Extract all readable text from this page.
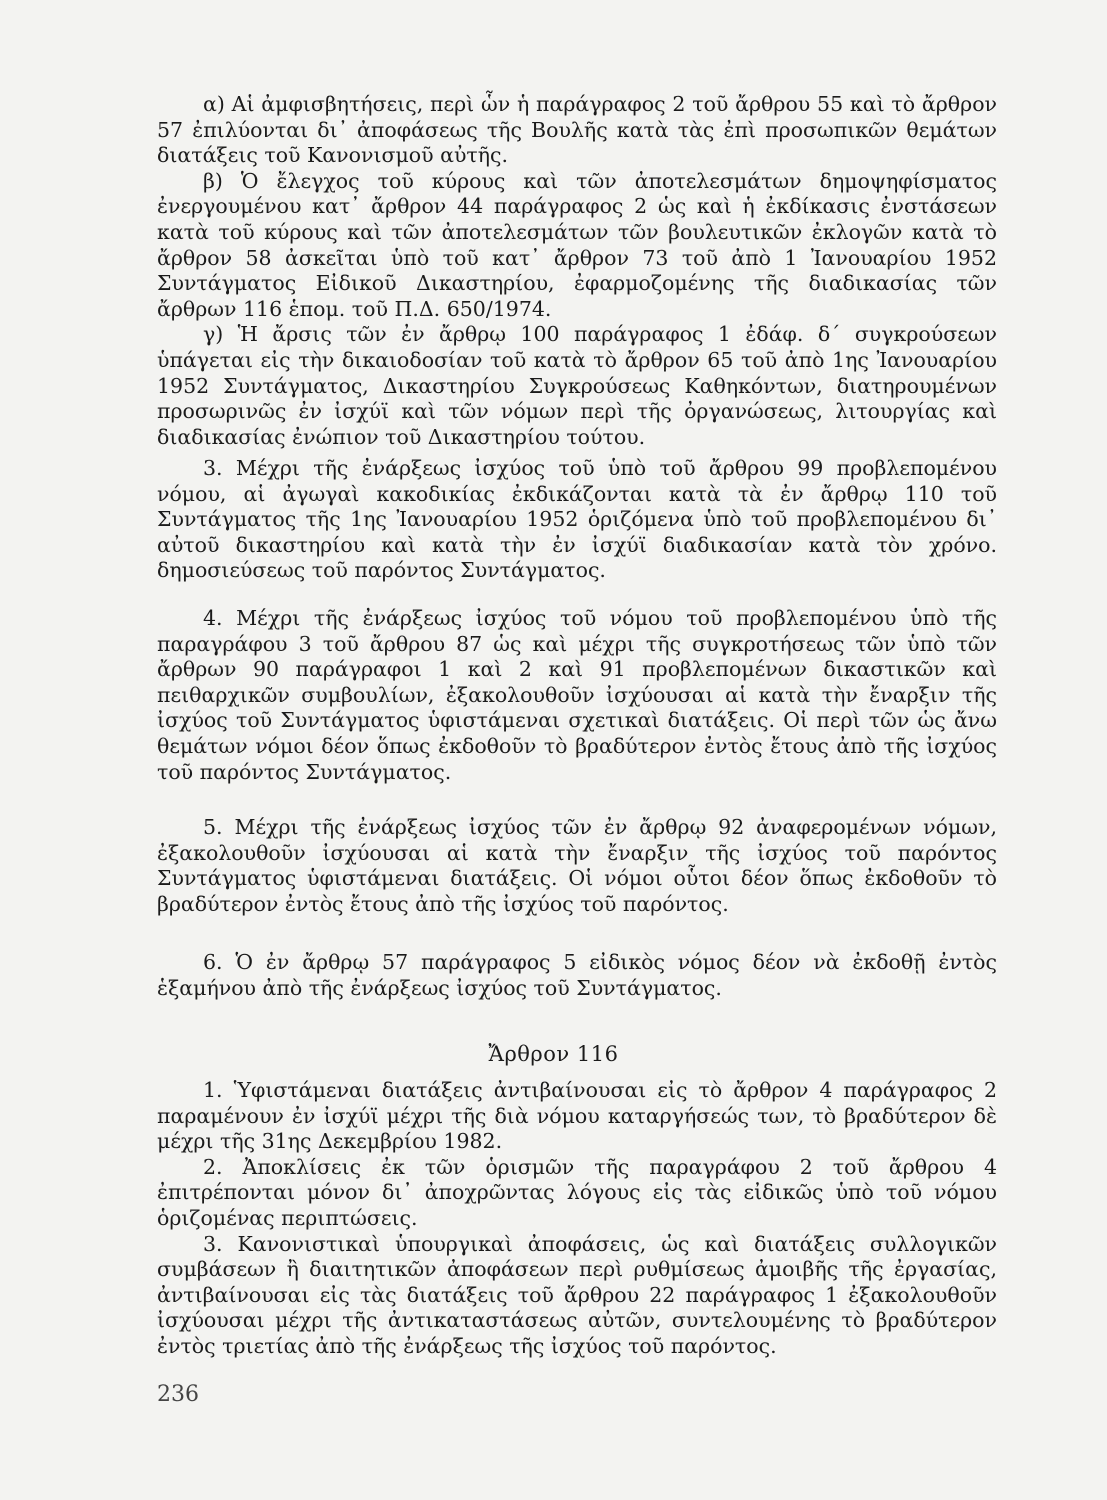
α) Αἱ ἀμφισβητήσεις, περὶ ὧν ἡ παράγραφος 2 τοῦ ἄρθρου 55 καὶ τὸ ἄρθρον 57 ἐπιλύονται δι᾽ ἀποφάσεως τῆς Βουλῆς κατὰ τὰς ἐπὶ προσωπικῶν θεμάτων διατάξεις τοῦ Κανονισμοῦ αὐτῆς.

β) Ὁ ἔλεγχος τοῦ κύρους καὶ τῶν ἀποτελεσμάτων δημοψηφίσματος ἐνεργουμένου κατ᾽ ἄρθρον 44 παράγραφος 2 ὡς καὶ ἡ ἐκδίκασις ἐνστάσεων κατὰ τοῦ κύρους καὶ τῶν ἀποτελεσμάτων τῶν βουλευτικῶν ἐκλογῶν κατὰ τὸ ἄρθρον 58 ἀσκεῖται ὑπὸ τοῦ κατ᾽ ἄρθρον 73 τοῦ ἀπὸ 1 Ἰανουαρίου 1952 Συντάγματος Εἰδικοῦ Δικαστηρίου, ἐφαρμοζομένης τῆς διαδικασίας τῶν ἄρθρων 116 ἑπομ. τοῦ Π.Δ. 650/1974.

γ) Ἡ ἄρσις τῶν ἐν ἄρθρῳ 100 παράγραφος 1 ἐδάφ. δ΄ συγκρούσεων ὑπάγεται εἰς τὴν δικαιοδοσίαν τοῦ κατὰ τὸ ἄρθρον 65 τοῦ ἀπὸ 1ης Ἰανουαρίου 1952 Συντάγματος, Δικαστηρίου Συγκρούσεως Καθηκόντων, διατηρουμένων προσωρινῶς ἐν ἰσχύϊ καὶ τῶν νόμων περὶ τῆς ὀργανώσεως, λιτουργίας καὶ διαδικασίας ἐνώπιον τοῦ Δικαστηρίου τούτου.

3. Μέχρι τῆς ἐνάρξεως ἰσχύος τοῦ ὑπὸ τοῦ ἄρθρου 99 προβλεπομένου νόμου, αἱ ἀγωγαὶ κακοδικίας ἐκδικάζονται κατὰ τὰ ἐν ἄρθρῳ 110 τοῦ Συντάγματος τῆς 1ης Ἰανουαρίου 1952 ὁριζόμενα ὑπὸ τοῦ προβλεπομένου δι᾽ αὐτοῦ δικαστηρίου καὶ κατὰ τὴν ἐν ἰσχύϊ διαδικασίαν κατὰ τὸν χρόνο. δημοσιεύσεως τοῦ παρόντος Συντάγματος.

4. Μέχρι τῆς ἐνάρξεως ἰσχύος τοῦ νόμου τοῦ προβλεπομένου ὑπὸ τῆς παραγράφου 3 τοῦ ἄρθρου 87 ὡς καὶ μέχρι τῆς συγκροτήσεως τῶν ὑπὸ τῶν ἄρθρων 90 παράγραφοι 1 καὶ 2 καὶ 91 προβλεπομένων δικαστικῶν καὶ πειθαρχικῶν συμβουλίων, ἐξακολουθοῦν ἰσχύουσαι αἱ κατὰ τὴν ἔναρξιν τῆς ἰσχύος τοῦ Συντάγματος ὑφιστάμεναι σχετικαὶ διατάξεις. Οἱ περὶ τῶν ὡς ἄνω θεμάτων νόμοι δέον ὅπως ἐκδοθοῦν τὸ βραδύτερον ἐντὸς ἔτους ἀπὸ τῆς ἰσχύος τοῦ παρόντος Συντάγματος.

5. Μέχρι τῆς ἐνάρξεως ἰσχύος τῶν ἐν ἄρθρῳ 92 ἀναφερομένων νόμων, ἐξακολουθοῦν ἰσχύουσαι αἱ κατὰ τὴν ἔναρξιν τῆς ἰσχύος τοῦ παρόντος Συντάγματος ὑφιστάμεναι διατάξεις. Οἱ νόμοι οὗτοι δέον ὅπως ἐκδοθοῦν τὸ βραδύτερον ἐντὸς ἔτους ἀπὸ τῆς ἰσχύος τοῦ παρόντος.

6. Ὁ ἐν ἄρθρῳ 57 παράγραφος 5 εἰδικὸς νόμος δέον νὰ ἐκδοθῇ ἐντὸς ἑξαμήνου ἀπὸ τῆς ἐνάρξεως ἰσχύος τοῦ Συντάγματος.

Ἄρθρον 116

1. Ὑφιστάμεναι διατάξεις ἀντιβαίνουσαι εἰς τὸ ἄρθρον 4 παράγραφος 2 παραμένουν ἐν ἰσχύϊ μέχρι τῆς διὰ νόμου καταργήσεώς των, τὸ βραδύτερον δὲ μέχρι τῆς 31ης Δεκεμβρίου 1982.

2. Ἀποκλίσεις ἐκ τῶν ὁρισμῶν τῆς παραγράφου 2 τοῦ ἄρθρου 4 ἐπιτρέπονται μόνον δι᾽ ἀποχρῶντας λόγους εἰς τὰς εἰδικῶς ὑπὸ τοῦ νόμου ὁριζομένας περιπτώσεις.

3. Κανονιστικαὶ ὑπουργικαὶ ἀποφάσεις, ὡς καὶ διατάξεις συλλογικῶν συμβάσεων ἢ διαιτητικῶν ἀποφάσεων περὶ ρυθμίσεως ἀμοιβῆς τῆς ἐργασίας, ἀντιβαίνουσαι εἰς τὰς διατάξεις τοῦ ἄρθρου 22 παράγραφος 1 ἐξακολουθοῦν ἰσχύουσαι μέχρι τῆς ἀντικαταστάσεως αὐτῶν, συντελουμένης τὸ βραδύτερον ἐντὸς τριετίας ἀπὸ τῆς ἐνάρξεως τῆς ἰσχύος τοῦ παρόντος.

236
